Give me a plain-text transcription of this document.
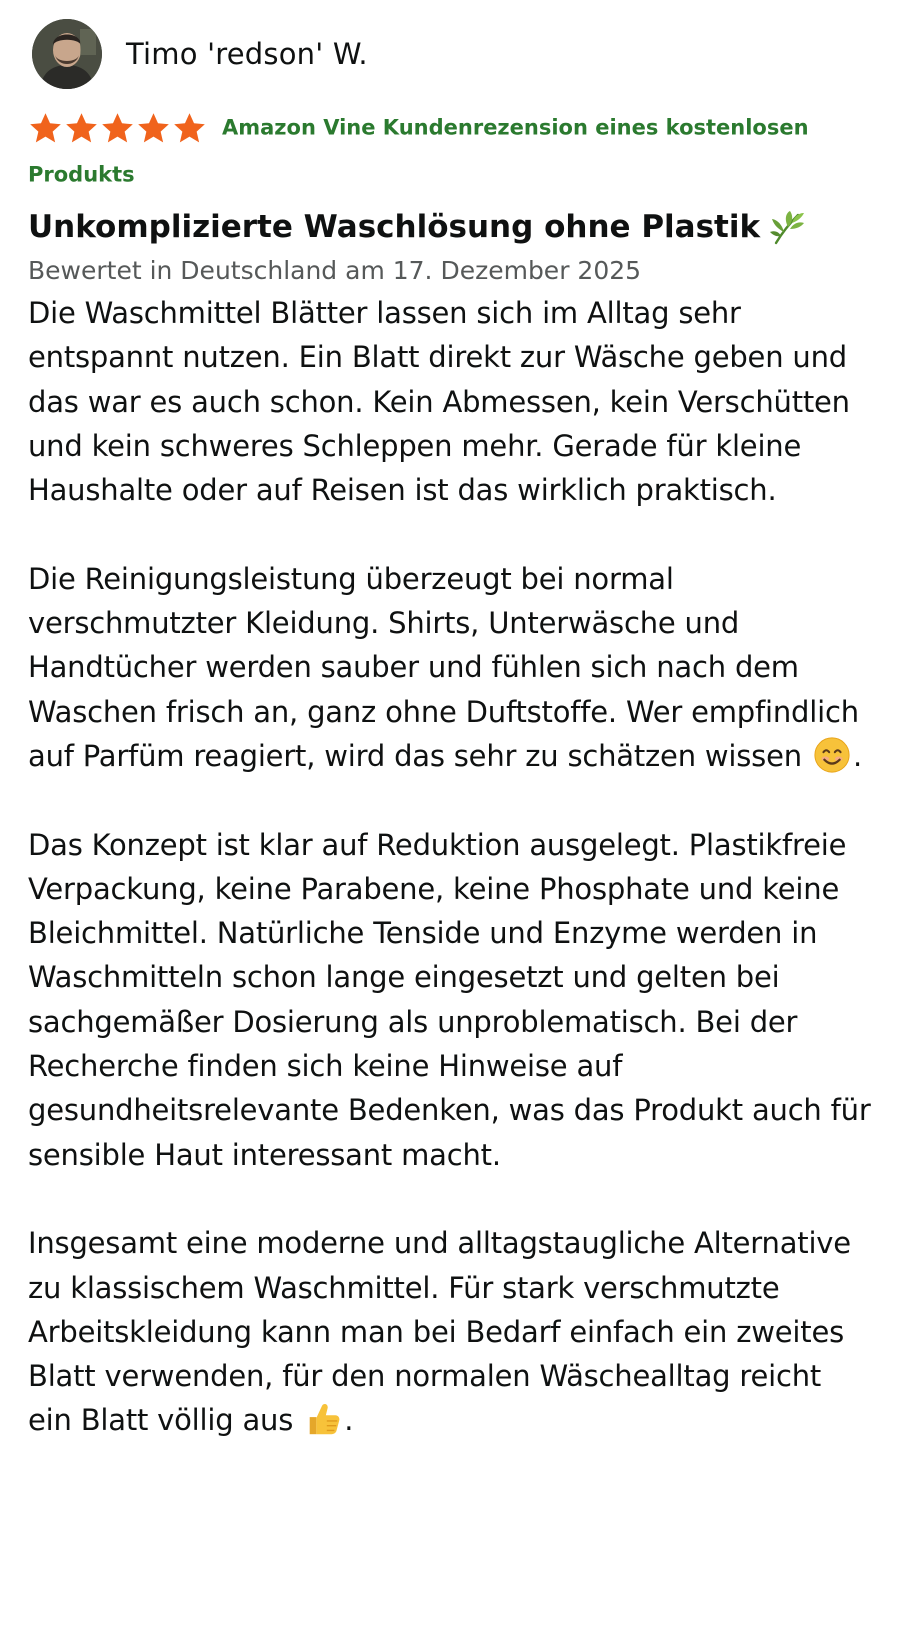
Timo 'redson' W.
Amazon Vine Kundenrezension eines kostenlosen Produkts
Unkomplizierte Waschlösung ohne Plastik
Bewertet in Deutschland am 17. Dezember 2025

Die Waschmittel Blätter lassen sich im Alltag sehr entspannt nutzen. Ein Blatt direkt zur Wäsche geben und das war es auch schon. Kein Abmessen, kein Verschütten und kein schweres Schleppen mehr. Gerade für kleine Haushalte oder auf Reisen ist das wirklich praktisch.

Die Reinigungsleistung überzeugt bei normal verschmutzter Kleidung. Shirts, Unterwäsche und Handtücher werden sauber und fühlen sich nach dem Waschen frisch an, ganz ohne Duftstoffe. Wer empfindlich auf Parfüm reagiert, wird das sehr zu schätzen wissen .

Das Konzept ist klar auf Reduktion ausgelegt. Plastikfreie Verpackung, keine Parabene, keine Phosphate und keine Bleichmittel. Natürliche Tenside und Enzyme werden in Waschmitteln schon lange eingesetzt und gelten bei sachgemäßer Dosierung als unproblematisch. Bei der Recherche finden sich keine Hinweise auf gesundheitsrelevante Bedenken, was das Produkt auch für sensible Haut interessant macht.

Insgesamt eine moderne und alltagstaugliche Alternative zu klassischem Waschmittel. Für stark verschmutzte Arbeitskleidung kann man bei Bedarf einfach ein zweites Blatt verwenden, für den normalen Wäschealltag reicht ein Blatt völlig aus .
